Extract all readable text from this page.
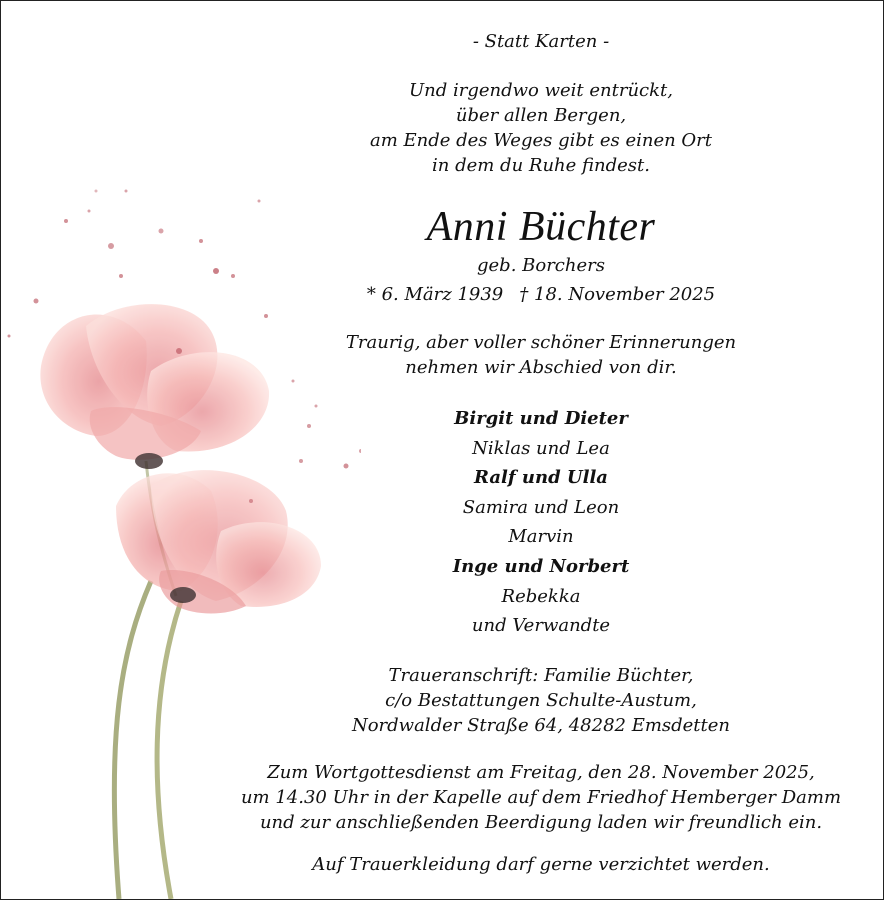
- Statt Karten -
Und irgendwo weit entrückt,
über allen Bergen,
am Ende des Weges gibt es einen Ort
in dem du Ruhe findest.
Anni Büchter
geb. Borchers
* 6. März 1939 † 18. November 2025
Traurig, aber voller schöner Erinnerungen
nehmen wir Abschied von dir.
Birgit und Dieter
Niklas und Lea
Ralf und Ulla
Samira und Leon
Marvin
Inge und Norbert
Rebekka
und Verwandte
Traueranschrift: Familie Büchter,
c/o Bestattungen Schulte-Austum,
Nordwalder Straße 64, 48282 Emsdetten
Zum Wortgottesdienst am Freitag, den 28. November 2025,
um 14.30 Uhr in der Kapelle auf dem Friedhof Hemberger Damm
und zur anschließenden Beerdigung laden wir freundlich ein.
Auf Trauerkleidung darf gerne verzichtet werden.
